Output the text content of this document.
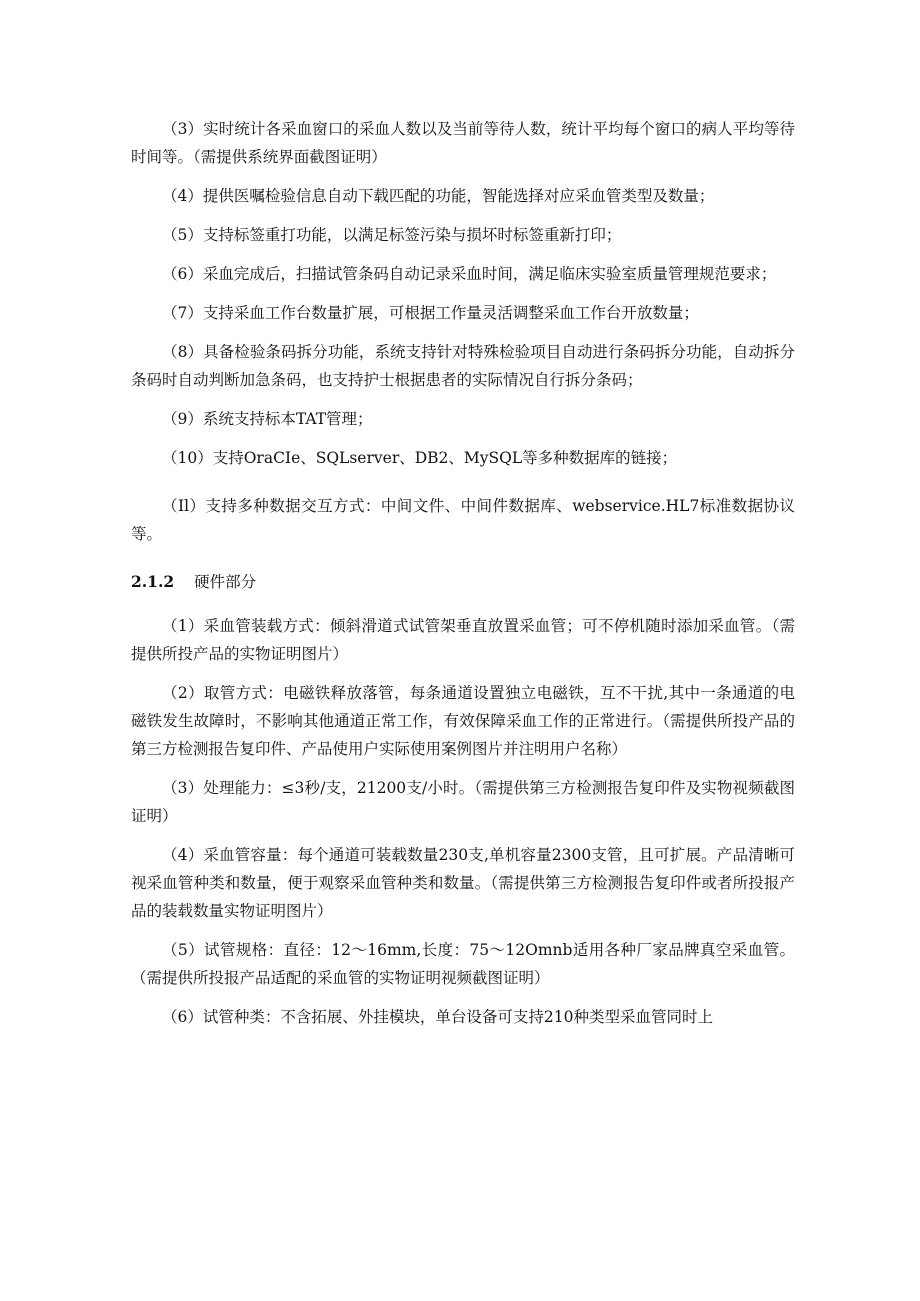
（3）实时统计各采血窗口的采血人数以及当前等待人数，统计平均每个窗口的病人平均等待时间等。（需提供系统界面截图证明）

（4）提供医嘱检验信息自动下载匹配的功能，智能选择对应采血管类型及数量；

（5）支持标签重打功能，以满足标签污染与损坏时标签重新打印；

（6）采血完成后，扫描试管条码自动记录采血时间，满足临床实验室质量管理规范要求；

（7）支持采血工作台数量扩展，可根据工作量灵活调整采血工作台开放数量；

（8）具备检验条码拆分功能，系统支持针对特殊检验项目自动进行条码拆分功能，自动拆分条码时自动判断加急条码，也支持护士根据患者的实际情况自行拆分条码；

（9）系统支持标本TAT管理；

（10）支持OraCIe、SQLserver、DB2、MySQL等多种数据库的链接；

（Il）支持多种数据交互方式：中间文件、中间件数据库、webservice.HL7标准数据协议等。

2.1.2 硬件部分

（1）采血管装载方式：倾斜滑道式试管架垂直放置采血管；可不停机随时添加采血管。（需提供所投产品的实物证明图片）

（2）取管方式：电磁铁释放落管，每条通道设置独立电磁铁，互不干扰,其中一条通道的电磁铁发生故障时，不影响其他通道正常工作，有效保障采血工作的正常进行。（需提供所投产品的第三方检测报告复印件、产品使用户实际使用案例图片并注明用户名称）

（3）处理能力：≤3秒/支，21200支/小时。（需提供第三方检测报告复印件及实物视频截图证明）

（4）采血管容量：每个通道可装载数量230支,单机容量2300支管，且可扩展。产品清晰可视采血管种类和数量，便于观察采血管种类和数量。（需提供第三方检测报告复印件或者所投报产品的装载数量实物证明图片）

（5）试管规格：直径：12～16mm,长度：75～12Omnb适用各种厂家品牌真空采血管。（需提供所投报产品适配的采血管的实物证明视频截图证明）

（6）试管种类：不含拓展、外挂模块，单台设备可支持210种类型采血管同时上
